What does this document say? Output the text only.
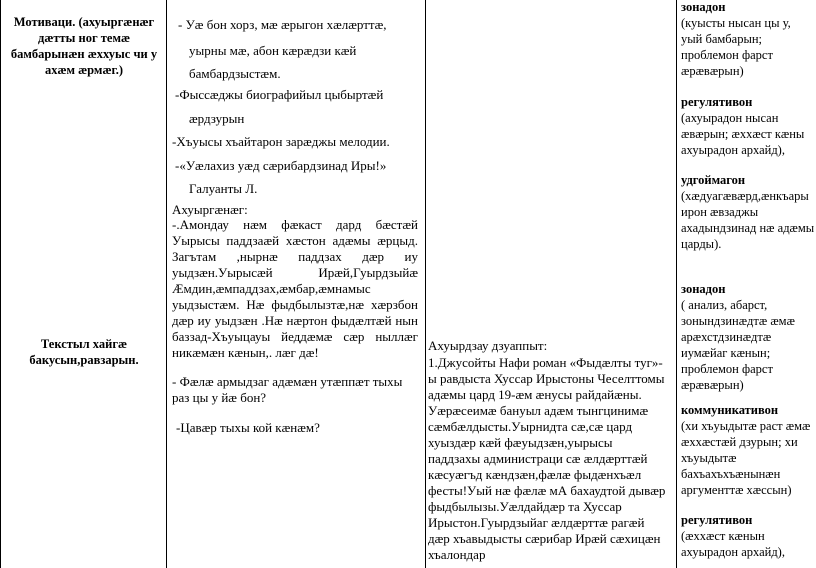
Мотиваци. (ахуыргæнæг дæтты ног темæ бамбарынæн æххуыс чи у ахæм æрмæг.)
Текстыл хайгæ бакусын,равзарын.
- Уæ бон хорз, мæ æрыгон хæлæрттæ,
уырны мæ, абон кæрæдзи кæй
бамбардзыстæм.
-Фыссæджы биографийыл цыбыртæй
æрдзурын
-Хъуысы хъайтарон зарæджы мелодии.
-«Уæлахиз уæд сæрибардзинад Иры!»
Галуанты Л.
Ахуыргæнæг:
-.Амондау нæм фæкаст дард бæстæй Уырысы паддзаæй хæстон адæмы æрцыд. Загътам ,нырнæ паддзах дæр иу уыдзæн.Уырысæй Ирæй,Гуырдзыйæ Æмдин,æмпаддзах,æмбар,æмнамыс уыдзыстæм. Нæ фыдбылызтæ,нæ хæрзбон дæр иу уыдзæн .Нæ нæртон фыдæлтæй нын баззад-Хъуыцауы йеддæмæ сæр ныллæг никæмæн кæнын,. лæг дæ!
- Фæлæ армыдзаг адæмæн утæппæт тыхы раз цы у йæ бон?
-Цавæр тыхы кой кæнæм?
Ахуырдзау дзуаппыт:
1.Джусойты Нафи роман «Фыдæлты туг»-ы равдыста Хуссар Ирыстоны Чеселттомы адæмы цард 19-æм æнусы райдайæны. Уæрæсеимæ бануыл адæм тынгцинимæ сæмбæлдысты.Уырнидта сæ,сæ цард хуыздæр кæй фæуыдзæн,уырысы паддзахы администраци сæ æлдæрттæй кæсуæгъд кæндзæн,фæлæ фыдæнхъæл фесты!Уый нæ фæлæ мА бахаудтой дывæр фыдбылызы.Уæлдайдæр та Хуссар Ирыстон.Гуырдзыйаг æлдæрттæ рагæй дæр хъавыдысты сæрибар Ирæй сæхицæн хъалондар
зонадон
(куысты нысан цы у,
уый бамбарын;
проблемон фарст
æрæвæрын)
регулятивон
(ахуырадон нысан
æвæрын; æххæст кæны
ахуырадон архайд),
удгоймагон
(хæдуагæвæрд,æнкъары
ирон æвзаджы
ахадындзинад нæ адæмы
царды).
зонадон
( анализ, абарст,
зонындзинæдтæ æмæ
арæхстдзинæдтæ
иумæйаг кæнын;
проблемон фарст
æрæвæрын)
коммуникативон
(хи хъуыдытæ раст æмæ
æххæстæй дзурын; хи
хъуыдытæ
бахъахъхъæнынæн
аргументтæ хæссын)
регулятивон
(æххæст кæнын
ахуырадон архайд),
